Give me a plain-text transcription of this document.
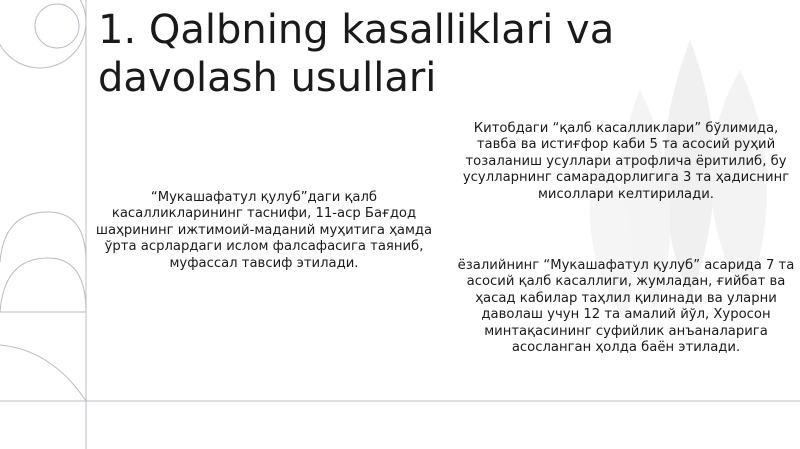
1. Qalbning kasalliklari va davolash usullari

“Мукашафатул қулуб”даги қалб касалликларининг таснифи, 11-аср Бағдод шаҳрининг ижтимоий-маданий муҳитига ҳамда ўрта асрлардаги ислом фалсафасига таяниб, муфассал тавсиф этилади.

Китобдаги “қалб касалликлари” бўлимида, тавба ва истиғфор каби 5 та асосий руҳий тозаланиш усуллари атрофлича ёритилиб, бу усулларнинг самарадорлигига 3 та ҳадиснинг мисоллари келтирилади.

ёзалийнинг “Мукашафатул қулуб” асарида 7 та асосий қалб касаллиги, жумладан, ғийбат ва ҳасад кабилар таҳлил қилинади ва уларни даволаш учун 12 та амалий йўл, Хуросон минтақасининг суфийлик анъаналарига асосланган ҳолда баён этилади.
